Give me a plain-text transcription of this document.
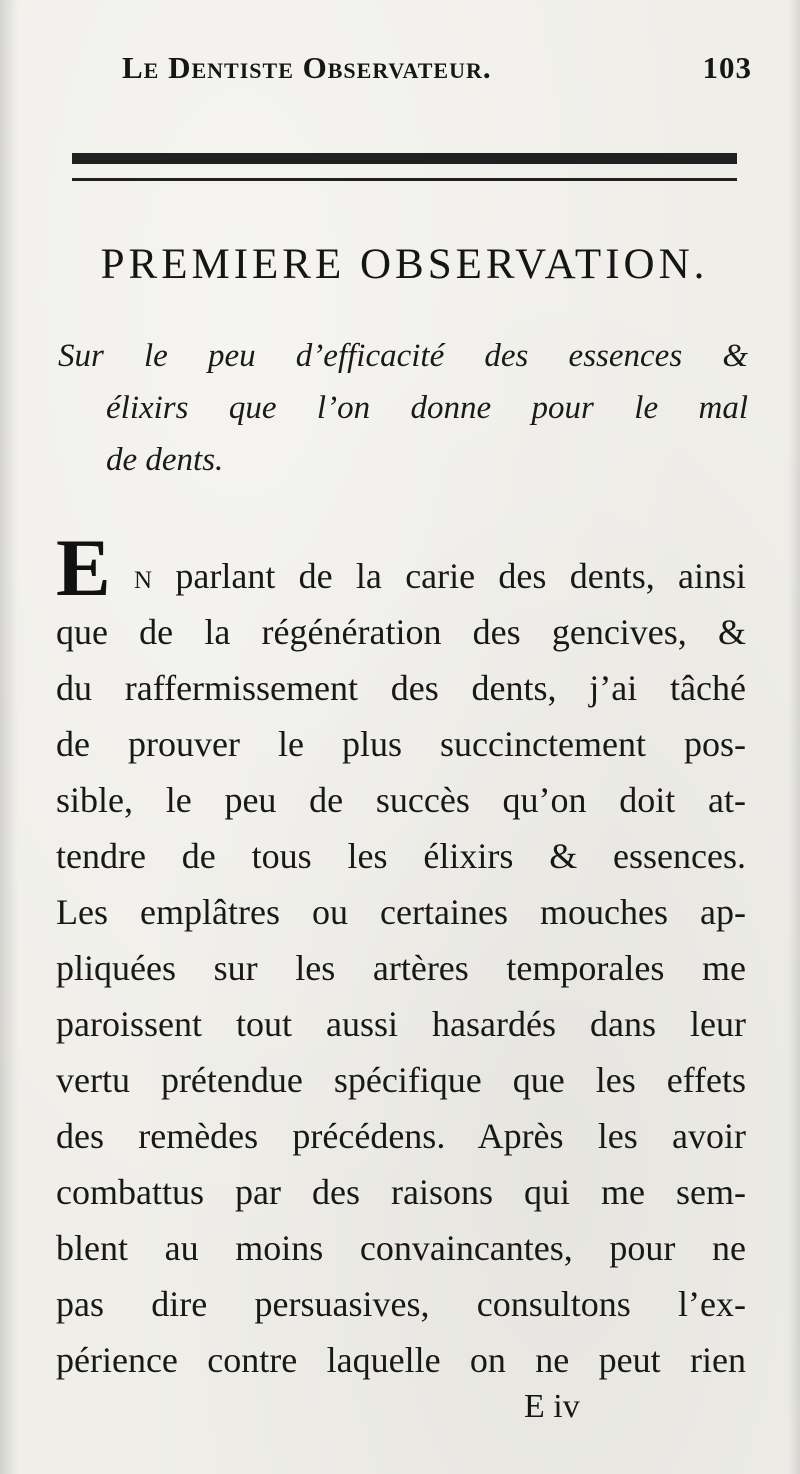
Le Dentiste Observateur.	103
PREMIERE OBSERVATION.
Sur le peu d’efficacité des essences &
élixirs que l’on donne pour le mal
de dents.
E n parlant de la carie des dents, ainsi
que de la régénération des gencives, &
du raffermissement des dents, j’ai tâché
de prouver le plus succinctement pos-
sible, le peu de succès qu’on doit at-
tendre de tous les élixirs & essences.
Les emplâtres ou certaines mouches ap-
pliquées sur les artères temporales me
paroissent tout aussi hasardés dans leur
vertu prétendue spécifique que les effets
des remèdes précédens. Après les avoir
combattus par des raisons qui me sem-
blent au moins convaincantes, pour ne
pas dire persuasives, consultons l’ex-
périence contre laquelle on ne peut rien
E iv
